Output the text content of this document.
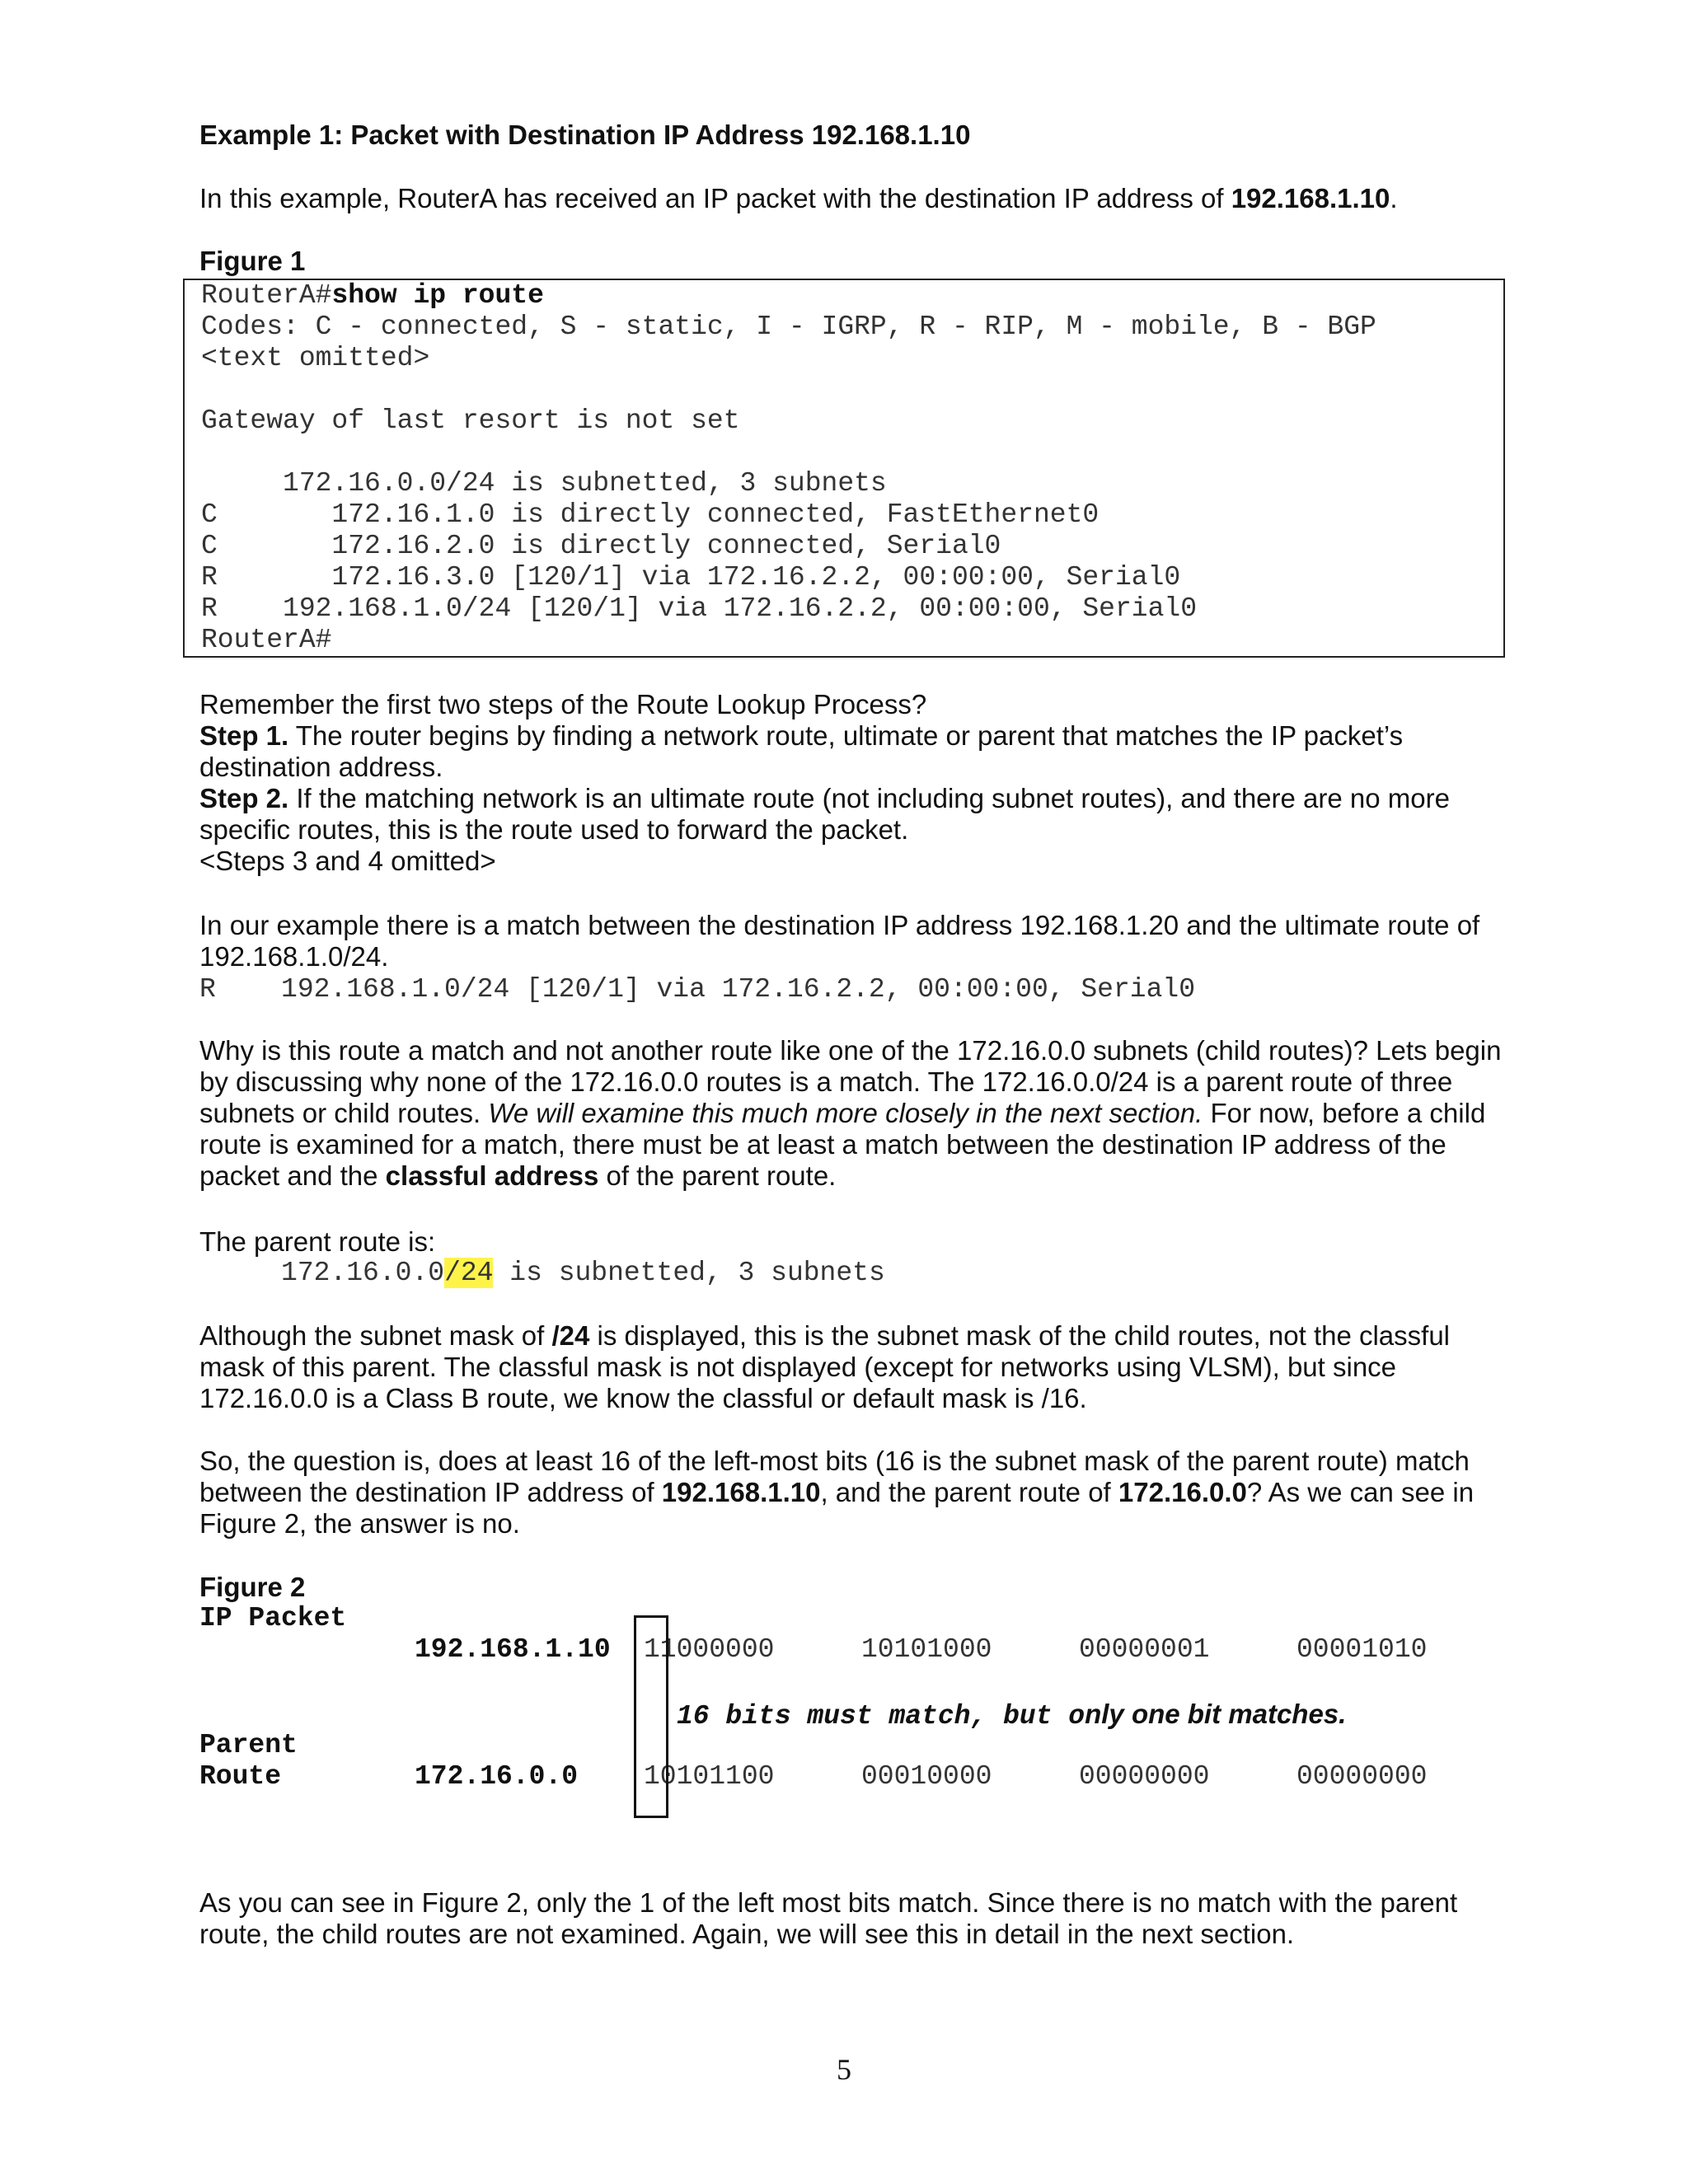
Example 1: Packet with Destination IP Address 192.168.1.10
In this example, RouterA has received an IP packet with the destination IP address of 192.168.1.10.
Figure 1
RouterA#show ip route
Codes: C - connected, S - static, I - IGRP, R - RIP, M - mobile, B - BGP
<text omitted>
Gateway of last resort is not set
172.16.0.0/24 is subnetted, 3 subnets
C       172.16.1.0 is directly connected, FastEthernet0
C       172.16.2.0 is directly connected, Serial0
R       172.16.3.0 [120/1] via 172.16.2.2, 00:00:00, Serial0
R    192.168.1.0/24 [120/1] via 172.16.2.2, 00:00:00, Serial0
RouterA#

Remember the first two steps of the Route Lookup Process?

Step 1. The router begins by finding a network route, ultimate or parent that matches the IP packet’s destination address.

Step 2. If the matching network is an ultimate route (not including subnet routes), and there are no more specific routes, this is the route used to forward the packet.

<Steps 3 and 4 omitted>

In our example there is a match between the destination IP address 192.168.1.20 and the ultimate route of 192.168.1.0/24.
R    192.168.1.0/24 [120/1] via 172.16.2.2, 00:00:00, Serial0
Why is this route a match and not another route like one of the 172.16.0.0 subnets (child routes)? Lets begin by discussing why none of the 172.16.0.0 routes is a match. The 172.16.0.0/24 is a parent route of three subnets or child routes. We will examine this much more closely in the next section. For now, before a child route is examined for a match, there must be at least a match between the destination IP address of the packet and the classful address of the parent route.
The parent route is:
172.16.0.0/24 is subnetted, 3 subnets
Although the subnet mask of /24 is displayed, this is the subnet mask of the child routes, not the classful mask of this parent. The classful mask is not displayed (except for networks using VLSM), but since 172.16.0.0 is a Class B route, we know the classful or default mask is /16.
So, the question is, does at least 16 of the left-most bits (16 is the subnet mask of the parent route) match between the destination IP address of 192.168.1.10, and the parent route of 172.16.0.0? As we can see in Figure 2, the answer is no.
Figure 2
IP Packet
192.168.1.10 11000000	10101000	00000001	00001010
16 bits must match, but only one bit matches.
Parent
Route	172.16.0.0 10101100	00010000	00000000	00000000
As you can see in Figure 2, only the 1 of the left most bits match. Since there is no match with the parent route, the child routes are not examined. Again, we will see this in detail in the next section.
5
